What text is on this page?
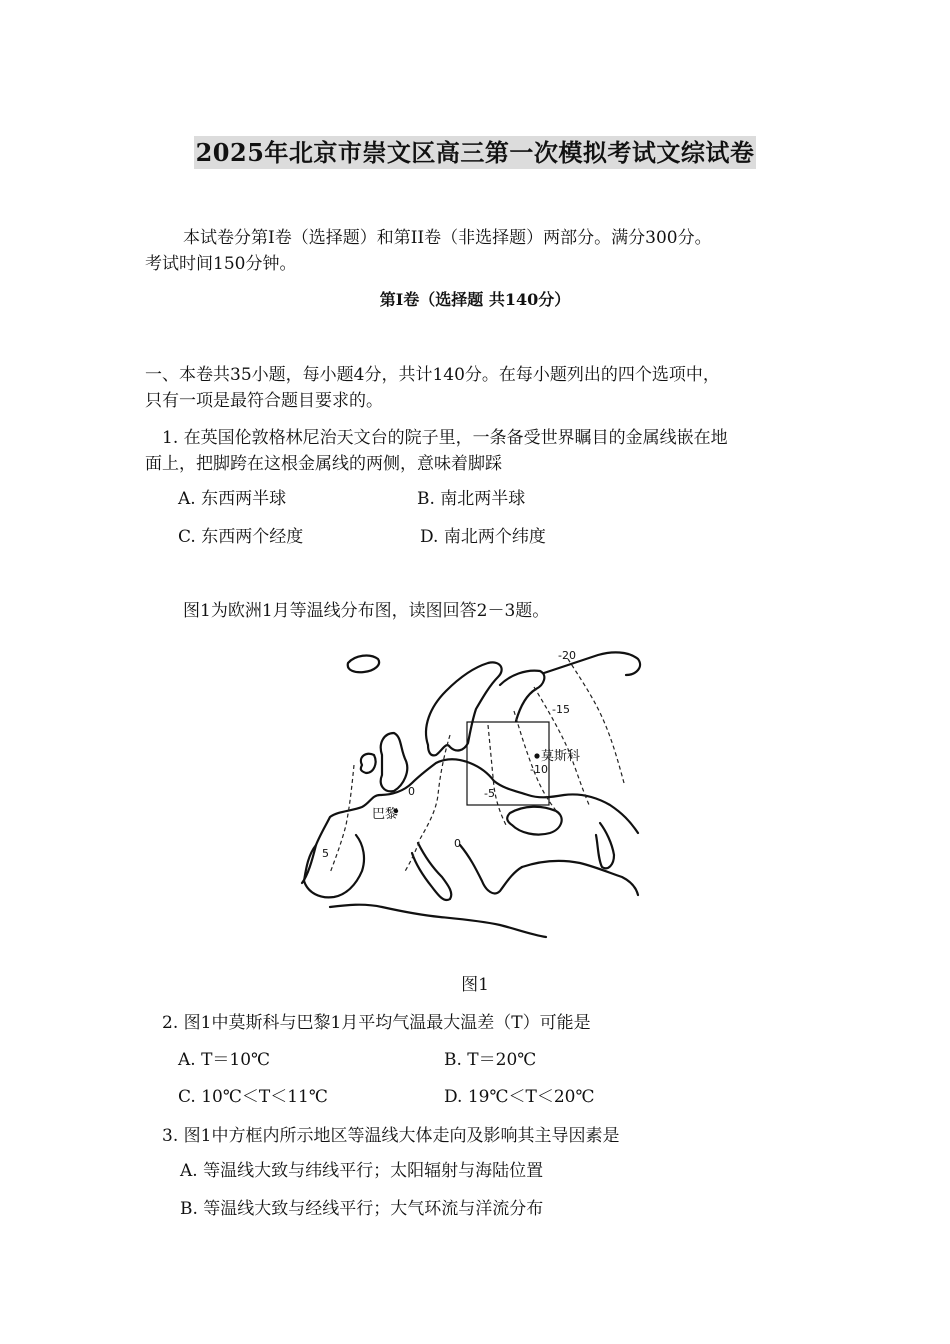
2025年北京市崇文区高三第一次模拟考试文综试卷
本试卷分第Ⅰ卷（选择题）和第II卷（非选择题）两部分。满分300分。
考试时间150分钟。
第Ⅰ卷（选择题 共140分）
一、本卷共35小题，每小题4分，共计140分。在每小题列出的四个选项中，
只有一项是最符合题目要求的。
1. 在英国伦敦格林尼治天文台的院子里，一条备受世界瞩目的金属线嵌在地
面上，把脚跨在这根金属线的两侧，意味着脚踩
A. 东西两半球	B. 南北两半球
C. 东西两个经度	D. 南北两个纬度
图1为欧洲1月等温线分布图，读图回答2－3题。
莫斯科
巴黎
-20
-15
-10
-5
0
5
0
图1
2. 图1中莫斯科与巴黎1月平均气温最大温差（T）可能是
A. T＝10℃	B. T＝20℃
C. 10℃＜T＜11℃	D. 19℃＜T＜20℃
3. 图1中方框内所示地区等温线大体走向及影响其主导因素是
A. 等温线大致与纬线平行；太阳辐射与海陆位置
B. 等温线大致与经线平行；大气环流与洋流分布
